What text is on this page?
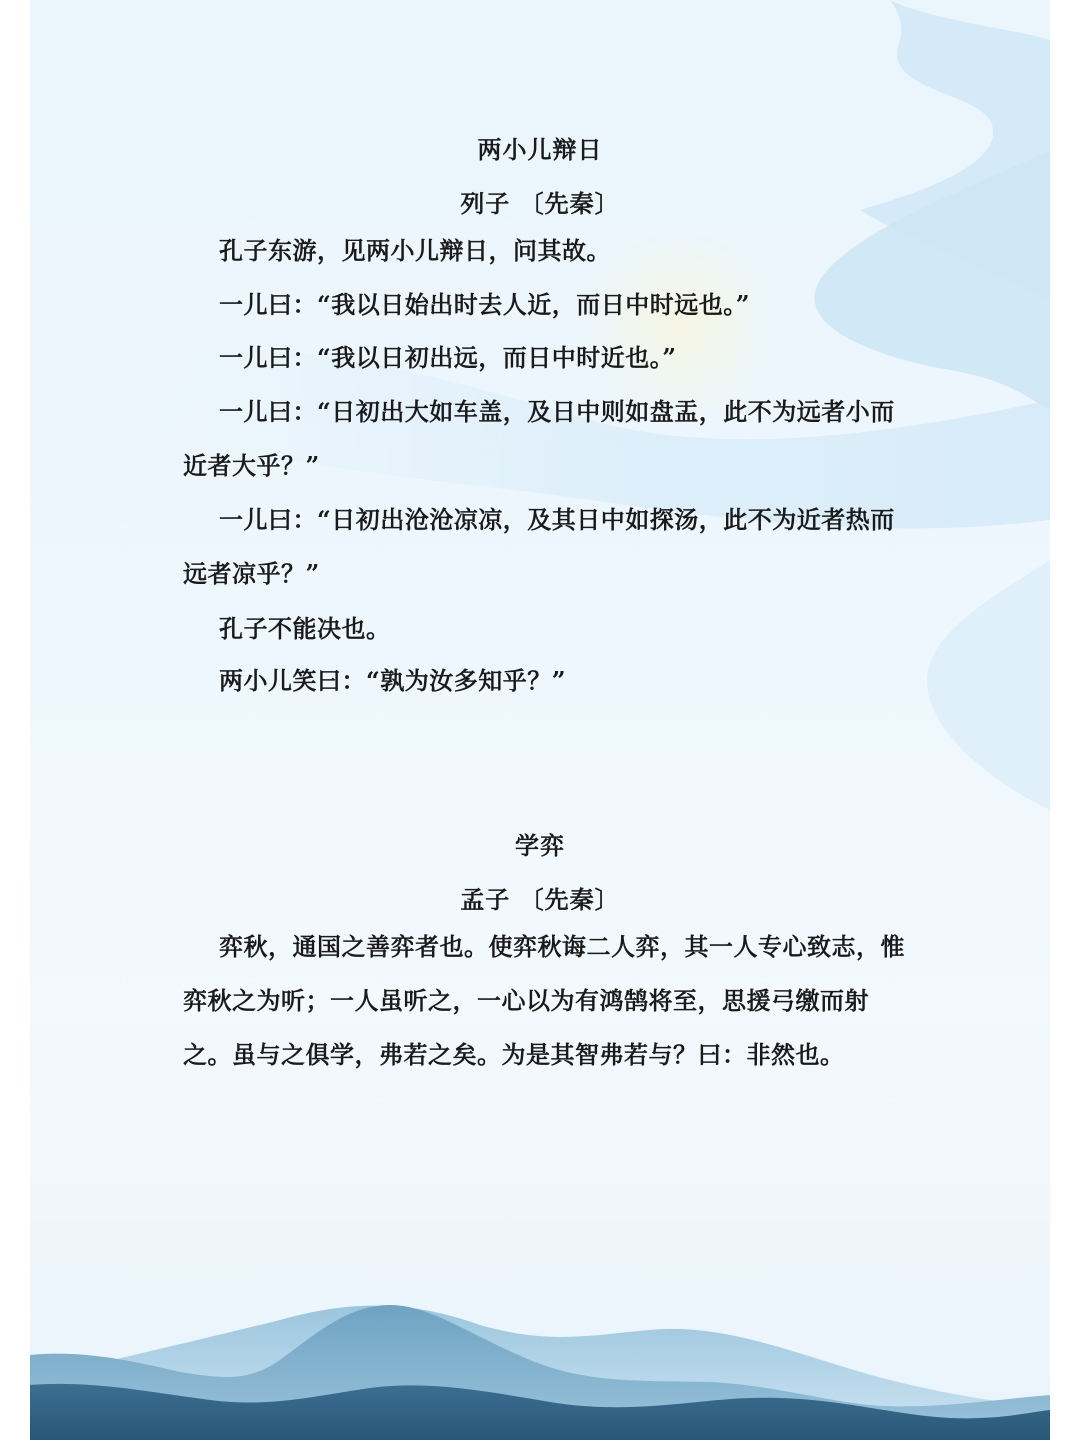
两小儿辩日
列子 〔先秦〕

孔子东游，见两小儿辩日，问其故。

一儿曰：“我以日始出时去人近，而日中时远也。”

一儿曰：“我以日初出远，而日中时近也。”

一儿曰：“日初出大如车盖，及日中则如盘盂，此不为远者小而近者大乎？”

一儿曰：“日初出沧沧凉凉，及其日中如探汤，此不为近者热而远者凉乎？”

孔子不能决也。

两小儿笑曰：“孰为汝多知乎？”

学弈
孟子 〔先秦〕

弈秋，通国之善弈者也。使弈秋诲二人弈，其一人专心致志，惟弈秋之为听；一人虽听之，一心以为有鸿鹄将至，思援弓缴而射之。虽与之俱学，弗若之矣。为是其智弗若与？曰：非然也。
